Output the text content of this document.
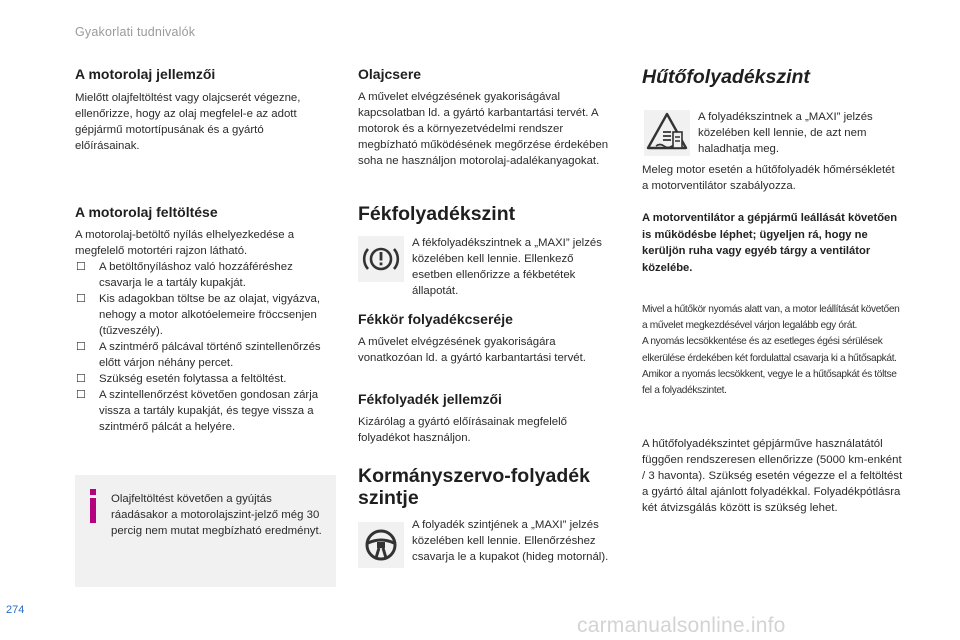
Gyakorlati tudnivalók
A motorolaj jellemzői

Mielőtt olajfeltöltést vagy olajcserét végezne, ellenőrizze, hogy az olaj megfelel-e az adott gépjármű motortípusának és a gyártó előírásainak.

A motorolaj feltöltése

A motorolaj-betöltő nyílás elhelyezkedése a megfelelő motortéri rajzon látható.

☐ A betöltőnyíláshoz való hozzáféréshez csavarja le a tartály kupakját.
☐ Kis adagokban töltse be az olajat, vigyázva, nehogy a motor alkotóelemeire fröccsenjen (tűzveszély).
☐ A szintmérő pálcával történő szintellenőrzés előtt várjon néhány percet.
☐ Szükség esetén folytassa a feltöltést.
☐ A szintellenőrzést követően gondosan zárja vissza a tartály kupakját, és tegye vissza a szintmérő pálcát a helyére.
Olajfeltöltést követően a gyújtás ráadásakor a motorolajszint-jelző még 30 percig nem mutat megbízható eredményt.
Olajcsere

A művelet elvégzésének gyakoriságával kapcsolatban ld. a gyártó karbantartási tervét. A motorok és a környezetvédelmi rendszer megbízható működésének megőrzése érdekében soha ne használjon motorolaj-adalékanyagokat.

Fékfolyadékszint

A fékfolyadékszintnek a „MAXI” jelzés közelében kell lennie. Ellenkező esetben ellenőrizze a fékbetétek állapotát.

Fékkör folyadékcseréje

A művelet elvégzésének gyakoriságára vonatkozóan ld. a gyártó karbantartási tervét.

Fékfolyadék jellemzői

Kizárólag a gyártó előírásainak megfelelő folyadékot használjon.

Kormányszervo-folyadék
szintje

A folyadék szintjének a „MAXI” jelzés közelében kell lennie. Ellenőrzéshez csavarja le a kupakot (hideg motornál).

Hűtőfolyadékszint

A folyadékszintnek a „MAXI” jelzés közelében kell lennie, de azt nem haladhatja meg.

Meleg motor esetén a hűtőfolyadék hőmérsékletét a motorventilátor szabályozza.

A motorventilátor a gépjármű leállását követően is működésbe léphet; ügyeljen rá, hogy ne kerüljön ruha vagy egyéb tárgy a ventilátor közelébe.

Mivel a hűtőkör nyomás alatt van, a motor leállítását követően a művelet megkezdésével várjon legalább egy órát.

A nyomás lecsökkentése és az esetleges égési sérülések elkerülése érdekében két fordulattal csavarja ki a hűtősapkát. Amikor a nyomás lecsökkent, vegye le a hűtősapkát és töltse fel a folyadékszintet.

A hűtőfolyadékszintet gépjárműve használatától függően rendszeresen ellenőrizze (5000 km-enként / 3 havonta). Szükség esetén végezze el a feltöltést a gyártó által ajánlott folyadékkal. Folyadékpótlásra két átvizsgálás között is szükség lehet.

274
carmanualsonline.info
